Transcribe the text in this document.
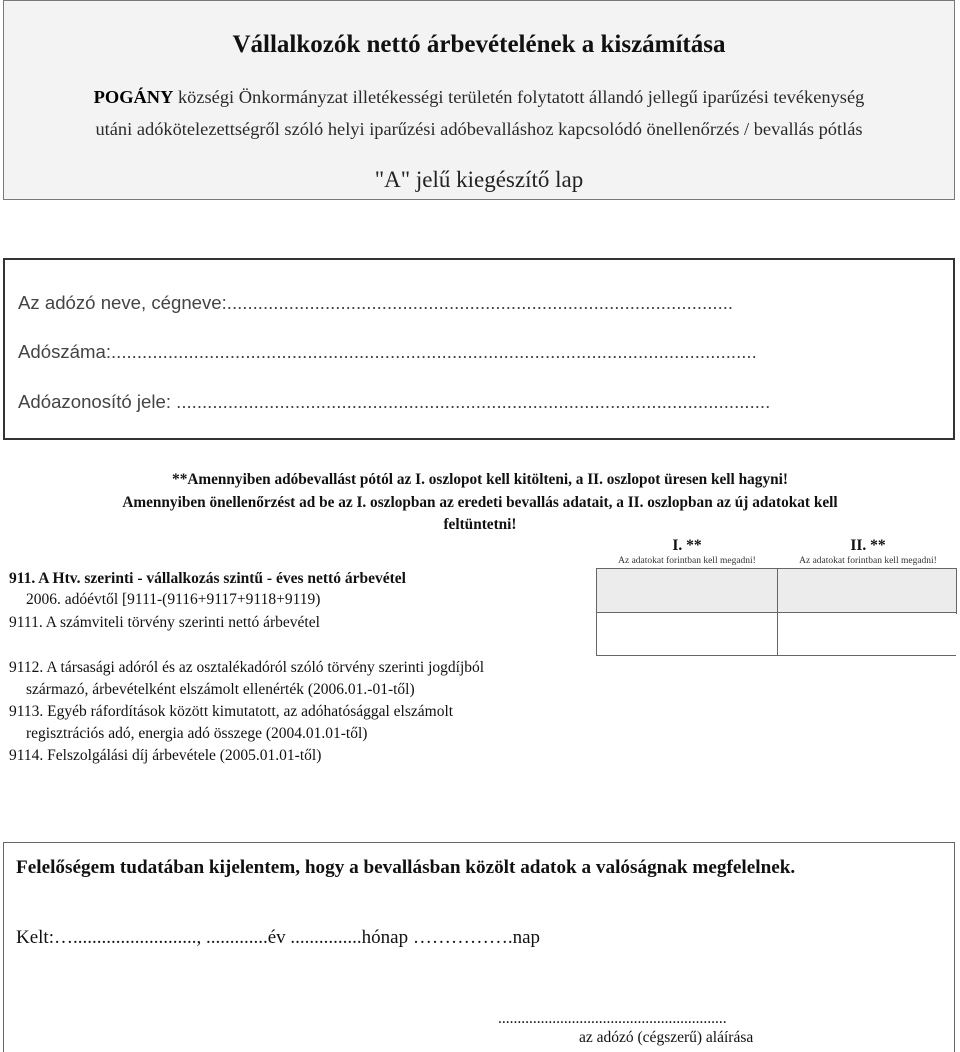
Vállalkozók nettó árbevételének a kiszámítása
POGÁNY községi Önkormányzat illetékességi területén folytatott állandó jellegű iparűzési tevékenység
utáni adókötelezettségről szóló helyi iparűzési adóbevalláshoz kapcsolódó önellenőrzés / bevallás pótlás
"A" jelű kiegészítő lap
Az adózó neve, cégneve:..................................................................................................
Adószáma:.............................................................................................................................
Adóazonosító jele: ...................................................................................................................
**Amennyiben adóbevallást pótól az I. oszlopot kell kitölteni, a II. oszlopot üresen kell hagyni!
Amennyiben önellenőrzést ad be az I. oszlopban az eredeti bevallás adatait, a II. oszlopban az új adatokat kell
feltüntetni!
I. **
Az adatokat forintban kell megadni!
II. **
Az adatokat forintban kell megadni!
911. A Htv. szerinti - vállalkozás szintű - éves nettó árbevétel
2006. adóévtől [9111-(9116+9117+9118+9119)
9111. A számviteli törvény szerinti nettó árbevétel
9112. A társasági adóról és az osztalékadóról szóló törvény szerinti jogdíjból
származó, árbevételként elszámolt ellenérték (2006.01.-01-től)
9113. Egyéb ráfordítások között kimutatott, az adóhatósággal elszámolt
regisztrációs adó, energia adó összege (2004.01.01-től)
9114. Felszolgálási díj árbevétele (2005.01.01-től)
Felelőségem tudatában kijelentem, hogy a bevallásban közölt adatok a valóságnak megfelelnek.
Kelt:….........................., .............év ...............hónap …………….nap
...........................................................
az adózó (cégszerű) aláírása
